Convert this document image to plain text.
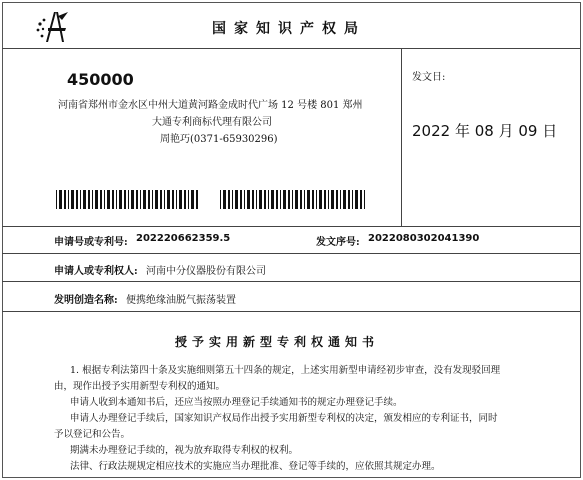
国家知识产权局
450000
河南省郑州市金水区中州大道黄河路金成时代广场 12 号楼 801 郑州
大通专利商标代理有限公司
周艳巧(0371-65930296)
发文日:
2022 年 08 月 09 日
申请号或专利号: 202220662359.5	发文序号: 2022080302041390
申请人或专利权人: 河南中分仪器股份有限公司
发明创造名称: 便携绝缘油脱气振荡装置
授予实用新型专利权通知书
1. 根据专利法第四十条及实施细则第五十四条的规定，上述实用新型申请经初步审查，没有发现驳回理
由，现作出授予实用新型专利权的通知。
申请人收到本通知书后，还应当按照办理登记手续通知书的规定办理登记手续。
申请人办理登记手续后，国家知识产权局作出授予实用新型专利权的决定，颁发相应的专利证书，同时
予以登记和公告。
期满未办理登记手续的，视为放弃取得专利权的权利。
法律、行政法规规定相应技术的实施应当办理批准、登记等手续的，应依照其规定办理。
